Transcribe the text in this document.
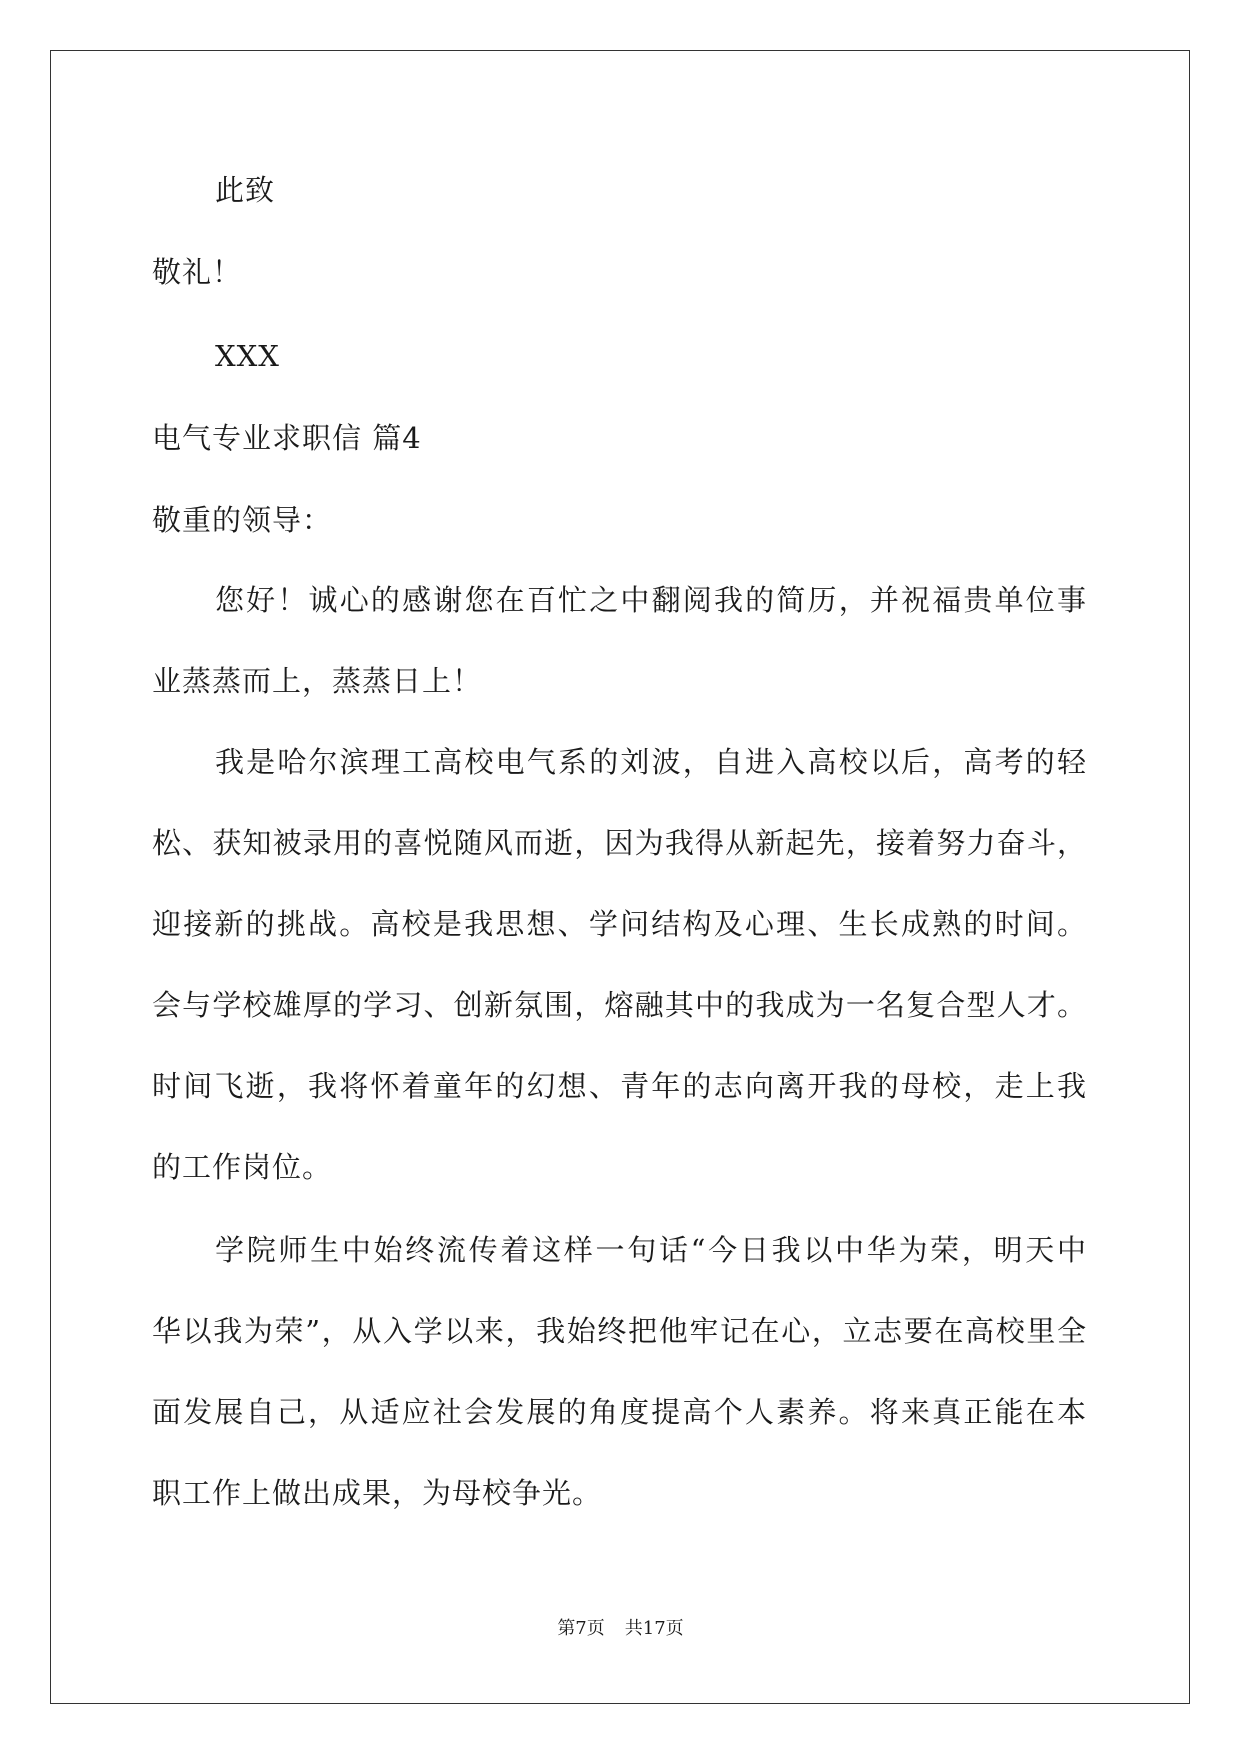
此致
敬礼！
XXX
电气专业求职信 篇4
敬重的领导：
您好！诚心的感谢您在百忙之中翻阅我的简历，并祝福贵单位事
业蒸蒸而上，蒸蒸日上！
我是哈尔滨理工高校电气系的刘波，自进入高校以后，高考的轻
松、获知被录用的喜悦随风而逝，因为我得从新起先，接着努力奋斗，
迎接新的挑战。高校是我思想、学问结构及心理、生长成熟的时间。
会与学校雄厚的学习、创新氛围，熔融其中的我成为一名复合型人才。
时间飞逝，我将怀着童年的幻想、青年的志向离开我的母校，走上我
的工作岗位。
学院师生中始终流传着这样一句话“今日我以中华为荣，明天中
华以我为荣”，从入学以来，我始终把他牢记在心，立志要在高校里全
面发展自己，从适应社会发展的角度提高个人素养。将来真正能在本
职工作上做出成果，为母校争光。
第7页 共17页
